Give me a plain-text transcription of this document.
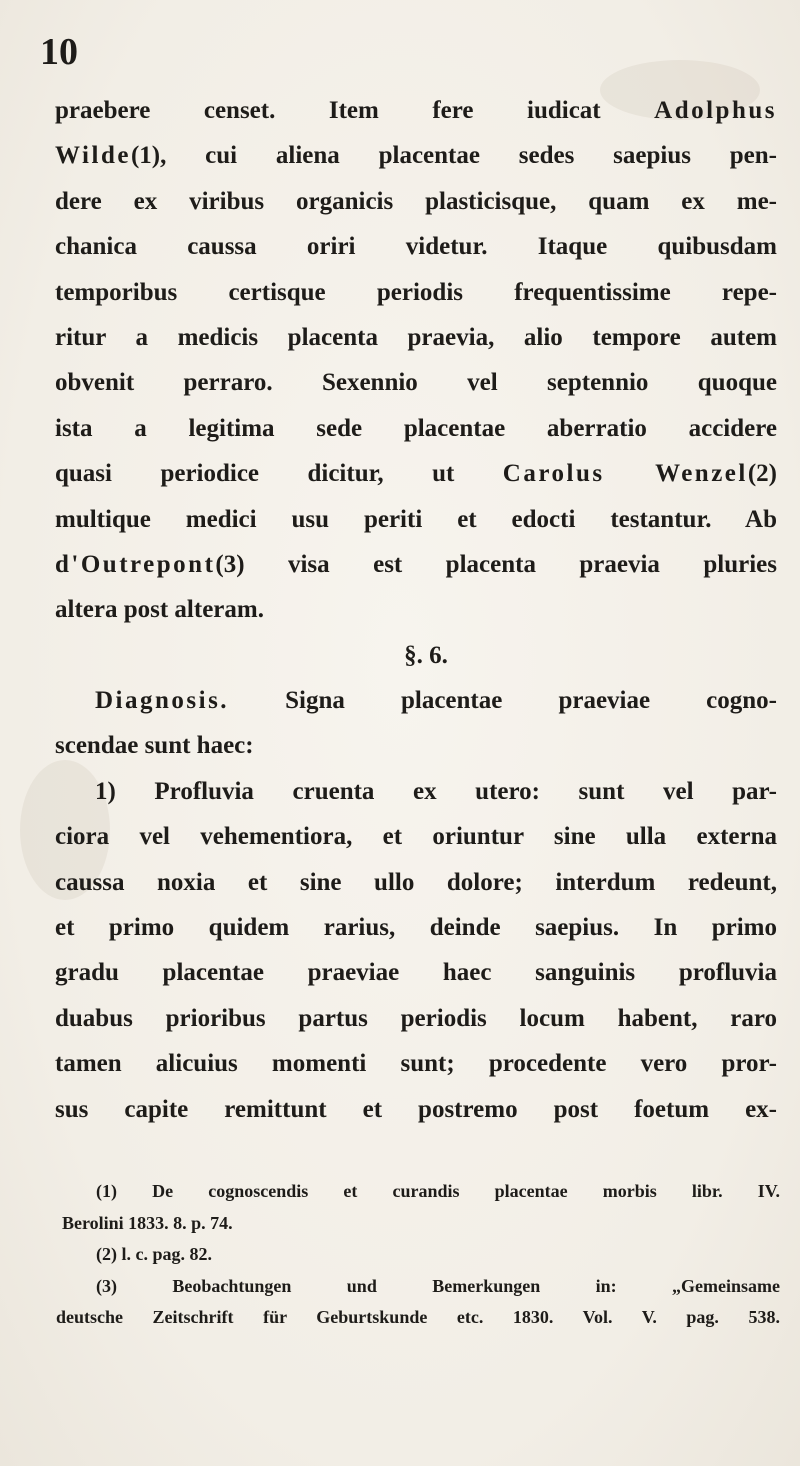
10
praebere censet. Item fere iudicat Adolphus
Wilde(1), cui aliena placentae sedes saepius pen-
dere ex viribus organicis plasticisque, quam ex me-
chanica caussa oriri videtur. Itaque quibusdam
temporibus certisque periodis frequentissime repe-
ritur a medicis placenta praevia, alio tempore autem
obvenit perraro. Sexennio vel septennio quoque
ista a legitima sede placentae aberratio accidere
quasi periodice dicitur, ut Carolus Wenzel(2)
multique medici usu periti et edocti testantur. Ab
d'Outrepont(3) visa est placenta praevia pluries
altera post alteram.
§. 6.
Diagnosis. Signa placentae praeviae cogno-
scendae sunt haec:
1) Profluvia cruenta ex utero: sunt vel par-
ciora vel vehementiora, et oriuntur sine ulla externa
caussa noxia et sine ullo dolore; interdum redeunt,
et primo quidem rarius, deinde saepius. In primo
gradu placentae praeviae haec sanguinis profluvia
duabus prioribus partus periodis locum habent, raro
tamen alicuius momenti sunt; procedente vero pror-
sus capite remittunt et postremo post foetum ex-
(1) De cognoscendis et curandis placentae morbis libr. IV.
Berolini 1833. 8. p. 74.
(2) l. c. pag. 82.
(3) Beobachtungen und Bemerkungen in: „Gemeinsame
deutsche Zeitschrift für Geburtskunde etc. 1830. Vol. V. pag. 538.
